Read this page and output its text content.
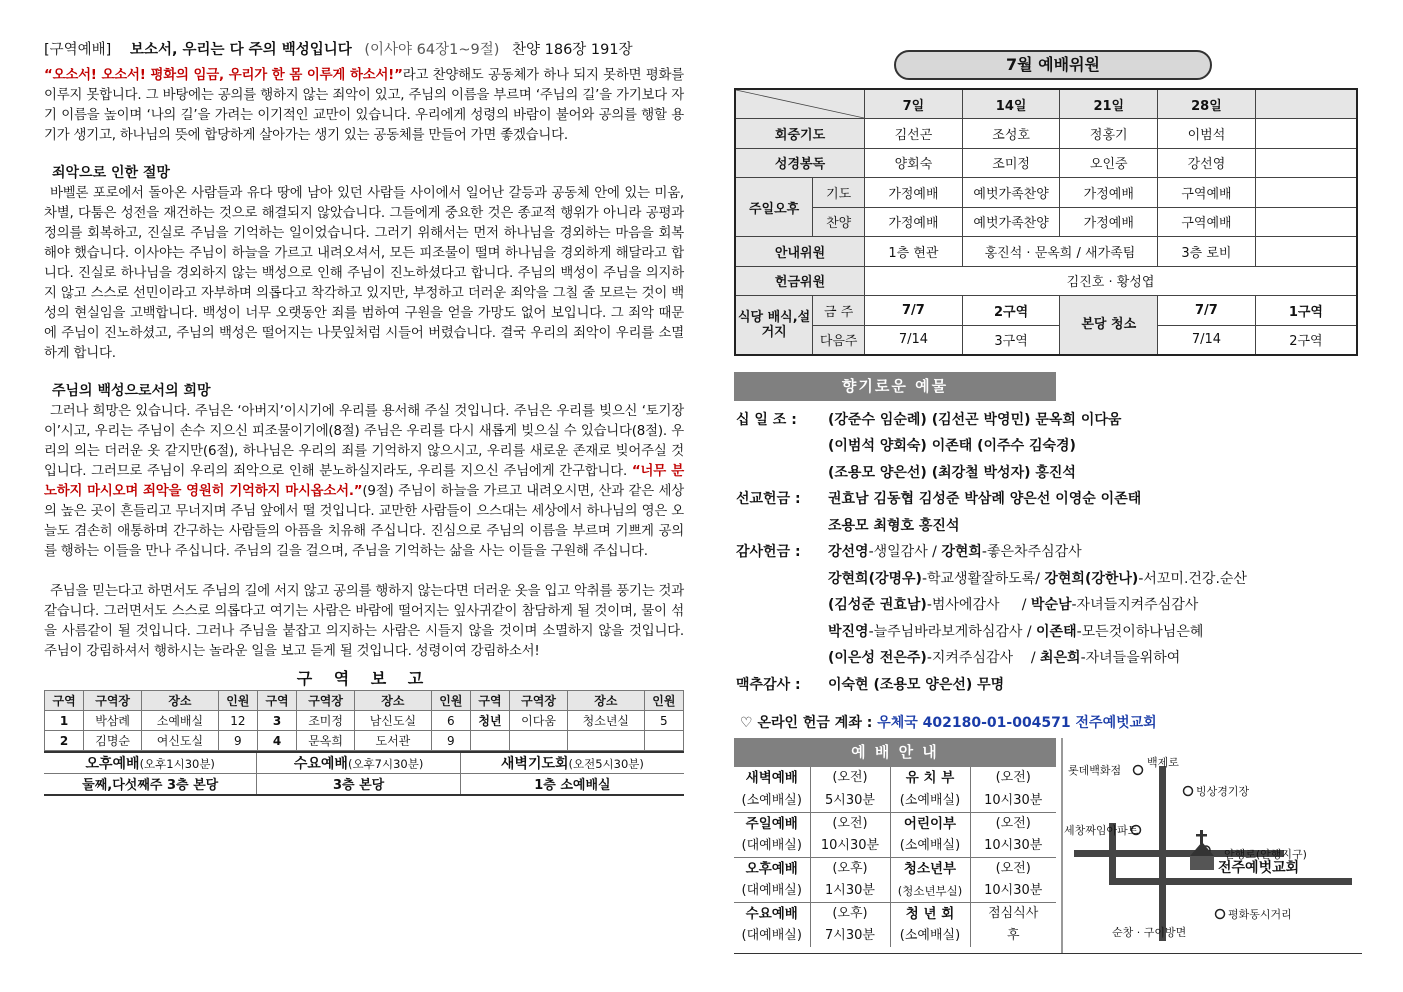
[구역예배] 보소서, 우리는 다 주의 백성입니다 (이사야 64장1~9절) 찬양 186장 191장

“오소서! 오소서! 평화의 임금, 우리가 한 몸 이루게 하소서!”라고 찬양해도 공동체가 하나 되지 못하면 평화를 이루지 못합니다. 그 바탕에는 공의를 행하지 않는 죄악이 있고, 주님의 이름을 부르며 ‘주님의 길’을 가기보다 자기 이름을 높이며 ‘나의 길’을 가려는 이기적인 교만이 있습니다. 우리에게 성령의 바람이 불어와 공의를 행할 용기가 생기고, 하나님의 뜻에 합당하게 살아가는 생기 있는 공동체를 만들어 가면 좋겠습니다.

죄악으로 인한 절망

바벨론 포로에서 돌아온 사람들과 유다 땅에 남아 있던 사람들 사이에서 일어난 갈등과 공동체 안에 있는 미움, 차별, 다툼은 성전을 재건하는 것으로 해결되지 않았습니다. 그들에게 중요한 것은 종교적 행위가 아니라 공평과 정의를 회복하고, 진실로 주님을 기억하는 일이었습니다. 그러기 위해서는 먼저 하나님을 경외하는 마음을 회복해야 했습니다. 이사야는 주님이 하늘을 가르고 내려오셔서, 모든 피조물이 떨며 하나님을 경외하게 해달라고 합니다. 진실로 하나님을 경외하지 않는 백성으로 인해 주님이 진노하셨다고 합니다. 주님의 백성이 주님을 의지하지 않고 스스로 선민이라고 자부하며 의롭다고 착각하고 있지만, 부정하고 더러운 죄악을 그칠 줄 모르는 것이 백성의 현실임을 고백합니다. 백성이 너무 오랫동안 죄를 범하여 구원을 얻을 가망도 없어 보입니다. 그 죄악 때문에 주님이 진노하셨고, 주님의 백성은 떨어지는 나뭇잎처럼 시들어 버렸습니다. 결국 우리의 죄악이 우리를 소멸하게 합니다.

주님의 백성으로서의 희망

그러나 희망은 있습니다. 주님은 ‘아버지’이시기에 우리를 용서해 주실 것입니다. 주님은 우리를 빚으신 ‘토기장이’시고, 우리는 주님이 손수 지으신 피조물이기에(8절) 주님은 우리를 다시 새롭게 빚으실 수 있습니다(8절). 우리의 의는 더러운 옷 같지만(6절), 하나님은 우리의 죄를 기억하지 않으시고, 우리를 새로운 존재로 빚어주실 것입니다. 그러므로 주님이 우리의 죄악으로 인해 분노하실지라도, 우리를 지으신 주님에게 간구합니다. “너무 분노하지 마시오며 죄악을 영원히 기억하지 마시옵소서.”(9절) 주님이 하늘을 가르고 내려오시면, 산과 같은 세상의 높은 곳이 흔들리고 무너지며 주님 앞에서 떨 것입니다. 교만한 사람들이 으스대는 세상에서 하나님의 영은 오늘도 겸손히 애통하며 간구하는 사람들의 아픔을 치유해 주십니다. 진심으로 주님의 이름을 부르며 기쁘게 공의를 행하는 이들을 만나 주십니다. 주님의 길을 걸으며, 주님을 기억하는 삶을 사는 이들을 구원해 주십니다.

주님을 믿는다고 하면서도 주님의 길에 서지 않고 공의를 행하지 않는다면 더러운 옷을 입고 악취를 풍기는 것과 같습니다. 그러면서도 스스로 의롭다고 여기는 사람은 바람에 떨어지는 잎사귀같이 참담하게 될 것이며, 물이 섞을 사름같이 될 것입니다. 그러나 주님을 붙잡고 의지하는 사람은 시들지 않을 것이며 소멸하지 않을 것입니다. 주님이 강림하셔서 행하시는 놀라운 일을 보고 듣게 될 것입니다. 성령이여 강림하소서!

구 역 보 고
구역	구역장	장소	인원	구역	구역장	장소	인원	구역	구역장	장소	인원
1	박삼례	소예배실	12	3	조미정	남신도실	6	청년	이다움	청소년실	5
2	김명순	여신도실	9	4	문옥희	도서관	9				
오후예배(오후1시30분)	수요예배(오후7시30분)	새벽기도회(오전5시30분)
둘째,다섯째주 3층 본당	3층 본당	1층 소예배실
7월 예배위원
	7일	14일	21일	28일	
회중기도		김선곤	조성호	정홍기	이범석	
성경봉독		양회숙	조미정	오인중	강선영	
주일오후	기도	가정예배	예벗가족찬양	가정예배	구역예배	
	찬양	가정예배	예벗가족찬양	가정예배	구역예배	
안내위원		1층 현관	홍진석 · 문옥희 / 새가족팀		3층 로비	
헌금위원		김진호 · 황성엽				
식당 배식,설거지	금 주	7/7	2구역	본당 청소	7/7	1구역
	다음주	7/14	3구역		7/14	2구역
향기로운 예물
십 일 조 :	(강준수 임순례) (김선곤 박영민) 문옥희 이다움
(이범석 양회숙) 이존태 (이주수 김숙경)
(조용모 양은선) (최강철 박성자) 홍진석
선교헌금 :	권효남 김동협 김성준 박삼례 양은선 이영순 이존태
조용모 최형호 홍진석
감사헌금 :	강선영-생일감사 / 강현희-좋은차주심감사
강현희(강명우)-학교생활잘하도록/ 강현희(강한나)-서꼬미.건강.순산
(김성준 권효남)-범사에감사     / 박순남-자녀들지켜주심감사
박진영-늘주님바라보게하심감사 / 이존태-모든것이하나님은혜
(이은성 전은주)-지켜주심감사    / 최은희-자녀들을위하여
맥추감사 :	이숙현 (조용모 양은선) 무명
♡ 온라인 헌금 계좌 : 우체국 402180-01-004571 전주예벗교회
예 배 안 내
새벽예배	(오전)	유 치 부	(오전)
(소예배실)	5시30분	(소예배실)	10시30분
주일예배	(오전)	어린이부	(오전)
(대예배실)	10시30분	(소예배실)	10시30분
오후예배	(오후)	청소년부	(오전)
(대예배실)	1시30분	(청소년부실)	10시30분
수요예배	(오후)	청 년 회	점심식사
(대예배실)	7시30분	(소예배실)	후
백제로
롯데백화점
빙상경기장
세창짜임아파트
안행로(안행지구)
전주예벗교회
평화동시거리
순창 · 구이방면
